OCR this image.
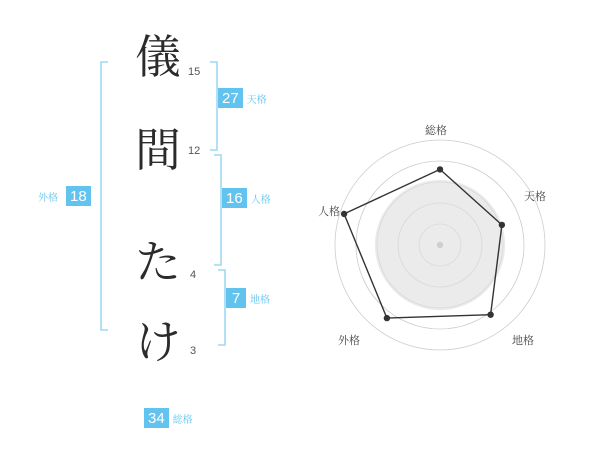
儀
間
た
け
15
12
4
3
外格 18
27 天格
16 人格
7 地格
34 総格
総格
天格
地格
外格
人格
